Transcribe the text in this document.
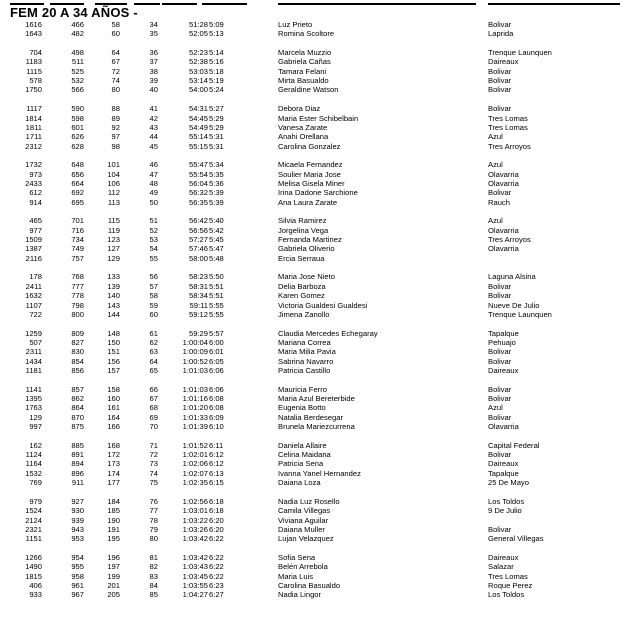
FEM 20 A 34 AÑOS -
1616	466	58	34	51:28 5:09	Luz Prieto	Bolivar
1643	482	60	35	52:05 5:13	Romina Scoltore	Laprida
704	498	64	36	52:23 5:14	Marcela Muzzio	Trenque Launquen
1183	511	67	37	52:38 5:16	Gabriela Cañas	Daireaux
1115	525	72	38	53:03 5:18	Tamara Felani	Bolivar
578	532	74	39	53:14 5:19	Mirta Basualdo	Bolivar
1750	566	80	40	54:00 5:24	Geraldine Watson	Bolivar
1117	590	88	41	54:31 5:27	Debora Diaz	Bolivar
1814	598	89	42	54:45 5:29	Maria Ester Schibelbain	Tres Lomas
1811	601	92	43	54:49 5:29	Vanesa Zarate	Tres Lomas
1711	626	97	44	55:14 5:31	Anahi Orellana	Azul
2312	628	98	45	55:15 5:31	Carolina Gonzalez	Tres Arroyos
1732	648	101	46	55:47 5:34	Micaela Fernandez	Azul
973	656	104	47	55:54 5:35	Soulier Maria Jose	Olavarria
2433	664	106	48	56:04 5:36	Melisa Gisela Miner	Olavarria
612	692	112	49	56:32 5:39	Irina Dadone Sarchione	Bolivar
914	695	113	50	56:35 5:39	Ana Laura Zarate	Rauch
465	701	115	51	56:42 5:40	Silvia Ramirez	Azul
977	716	119	52	56:56 5:42	Jorgelina Vega	Olavarria
1509	734	123	53	57:27 5:45	Fernanda Martinez	Tres Arroyos
1387	749	127	54	57:46 5:47	Gabriela Oliverio	Olavarria
2116	757	129	55	58:00 5:48	Ercia Serraua
178	768	133	56	58:23 5:50	Maria Jose Nieto	Laguna Alsina
2411	777	139	57	58:31 5:51	Delia Barboza	Bolivar
1632	778	140	58	58:34 5:51	Karen Gomez	Bolivar
1107	798	143	59	59:11 5:55	Victoria Gualdesi Gualdesi	Nueve De Julio
722	800	144	60	59:12 5:55	Jimena Zanollo	Trenque Launquen
1259	809	148	61	59:29 5:57	Claudia Mercedes Echegaray	Tapalque
507	827	150	62	1:00:04 6:00	Mariana Correa	Pehuajo
2311	830	151	63	1:00:09 6:01	Maria Milia Pavia	Bolivar
1434	854	156	64	1:00:52 6:05	Sabrina Navarro	Bolivar
1181	856	157	65	1:01:03 6:06	Patricia Castillo	Daireaux
1141	857	158	66	1:01:03 6:06	Mauricia Ferro	Bolivar
1395	862	160	67	1:01:16 6:08	Maria Azul Bereterbide	Bolivar
1763	864	161	68	1:01:20 6:08	Eugenia Botto	Azul
129	870	164	69	1:01:33 6:09	Natalia Berdesegar	Bolivar
997	875	166	70	1:01:39 6:10	Brunela Mariezcurrena	Olavarria
162	885	168	71	1:01:52 6:11	Daniela Allaire	Capital Federal
1124	891	172	72	1:02:01 6:12	Celina Maidana	Bolivar
1164	894	173	73	1:02:06 6:12	Patricia Sena	Daireaux
1532	896	174	74	1:02:07 6:13	Ivanna Yanel Hernandez	Tapalque
769	911	177	75	1:02:35 6:15	Daiana Loza	25 De Mayo
979	927	184	76	1:02:56 6:18	Nadia Luz Rosello	Los Toldos
1524	930	185	77	1:03:01 6:18	Camila Villegas	9 De Julio
2124	939	190	78	1:03:22 6:20	Viviana Aguilar
2321	943	191	79	1:03:26 6:20	Daiana Muller	Bolivar
1151	953	195	80	1:03:42 6:22	Lujan Velazquez	General Villegas
1266	954	196	81	1:03:42 6:22	Sofia Sena	Daireaux
1490	955	197	82	1:03:43 6:22	Belén Arrebola	Salazar
1815	958	199	83	1:03:45 6:22	Maria Luis	Tres Lomas
406	961	201	84	1:03:55 6:23	Carolina Basualdo	Roque Perez
933	967	205	85	1:04:27 6:27	Nadia Lingor	Los Toldos
